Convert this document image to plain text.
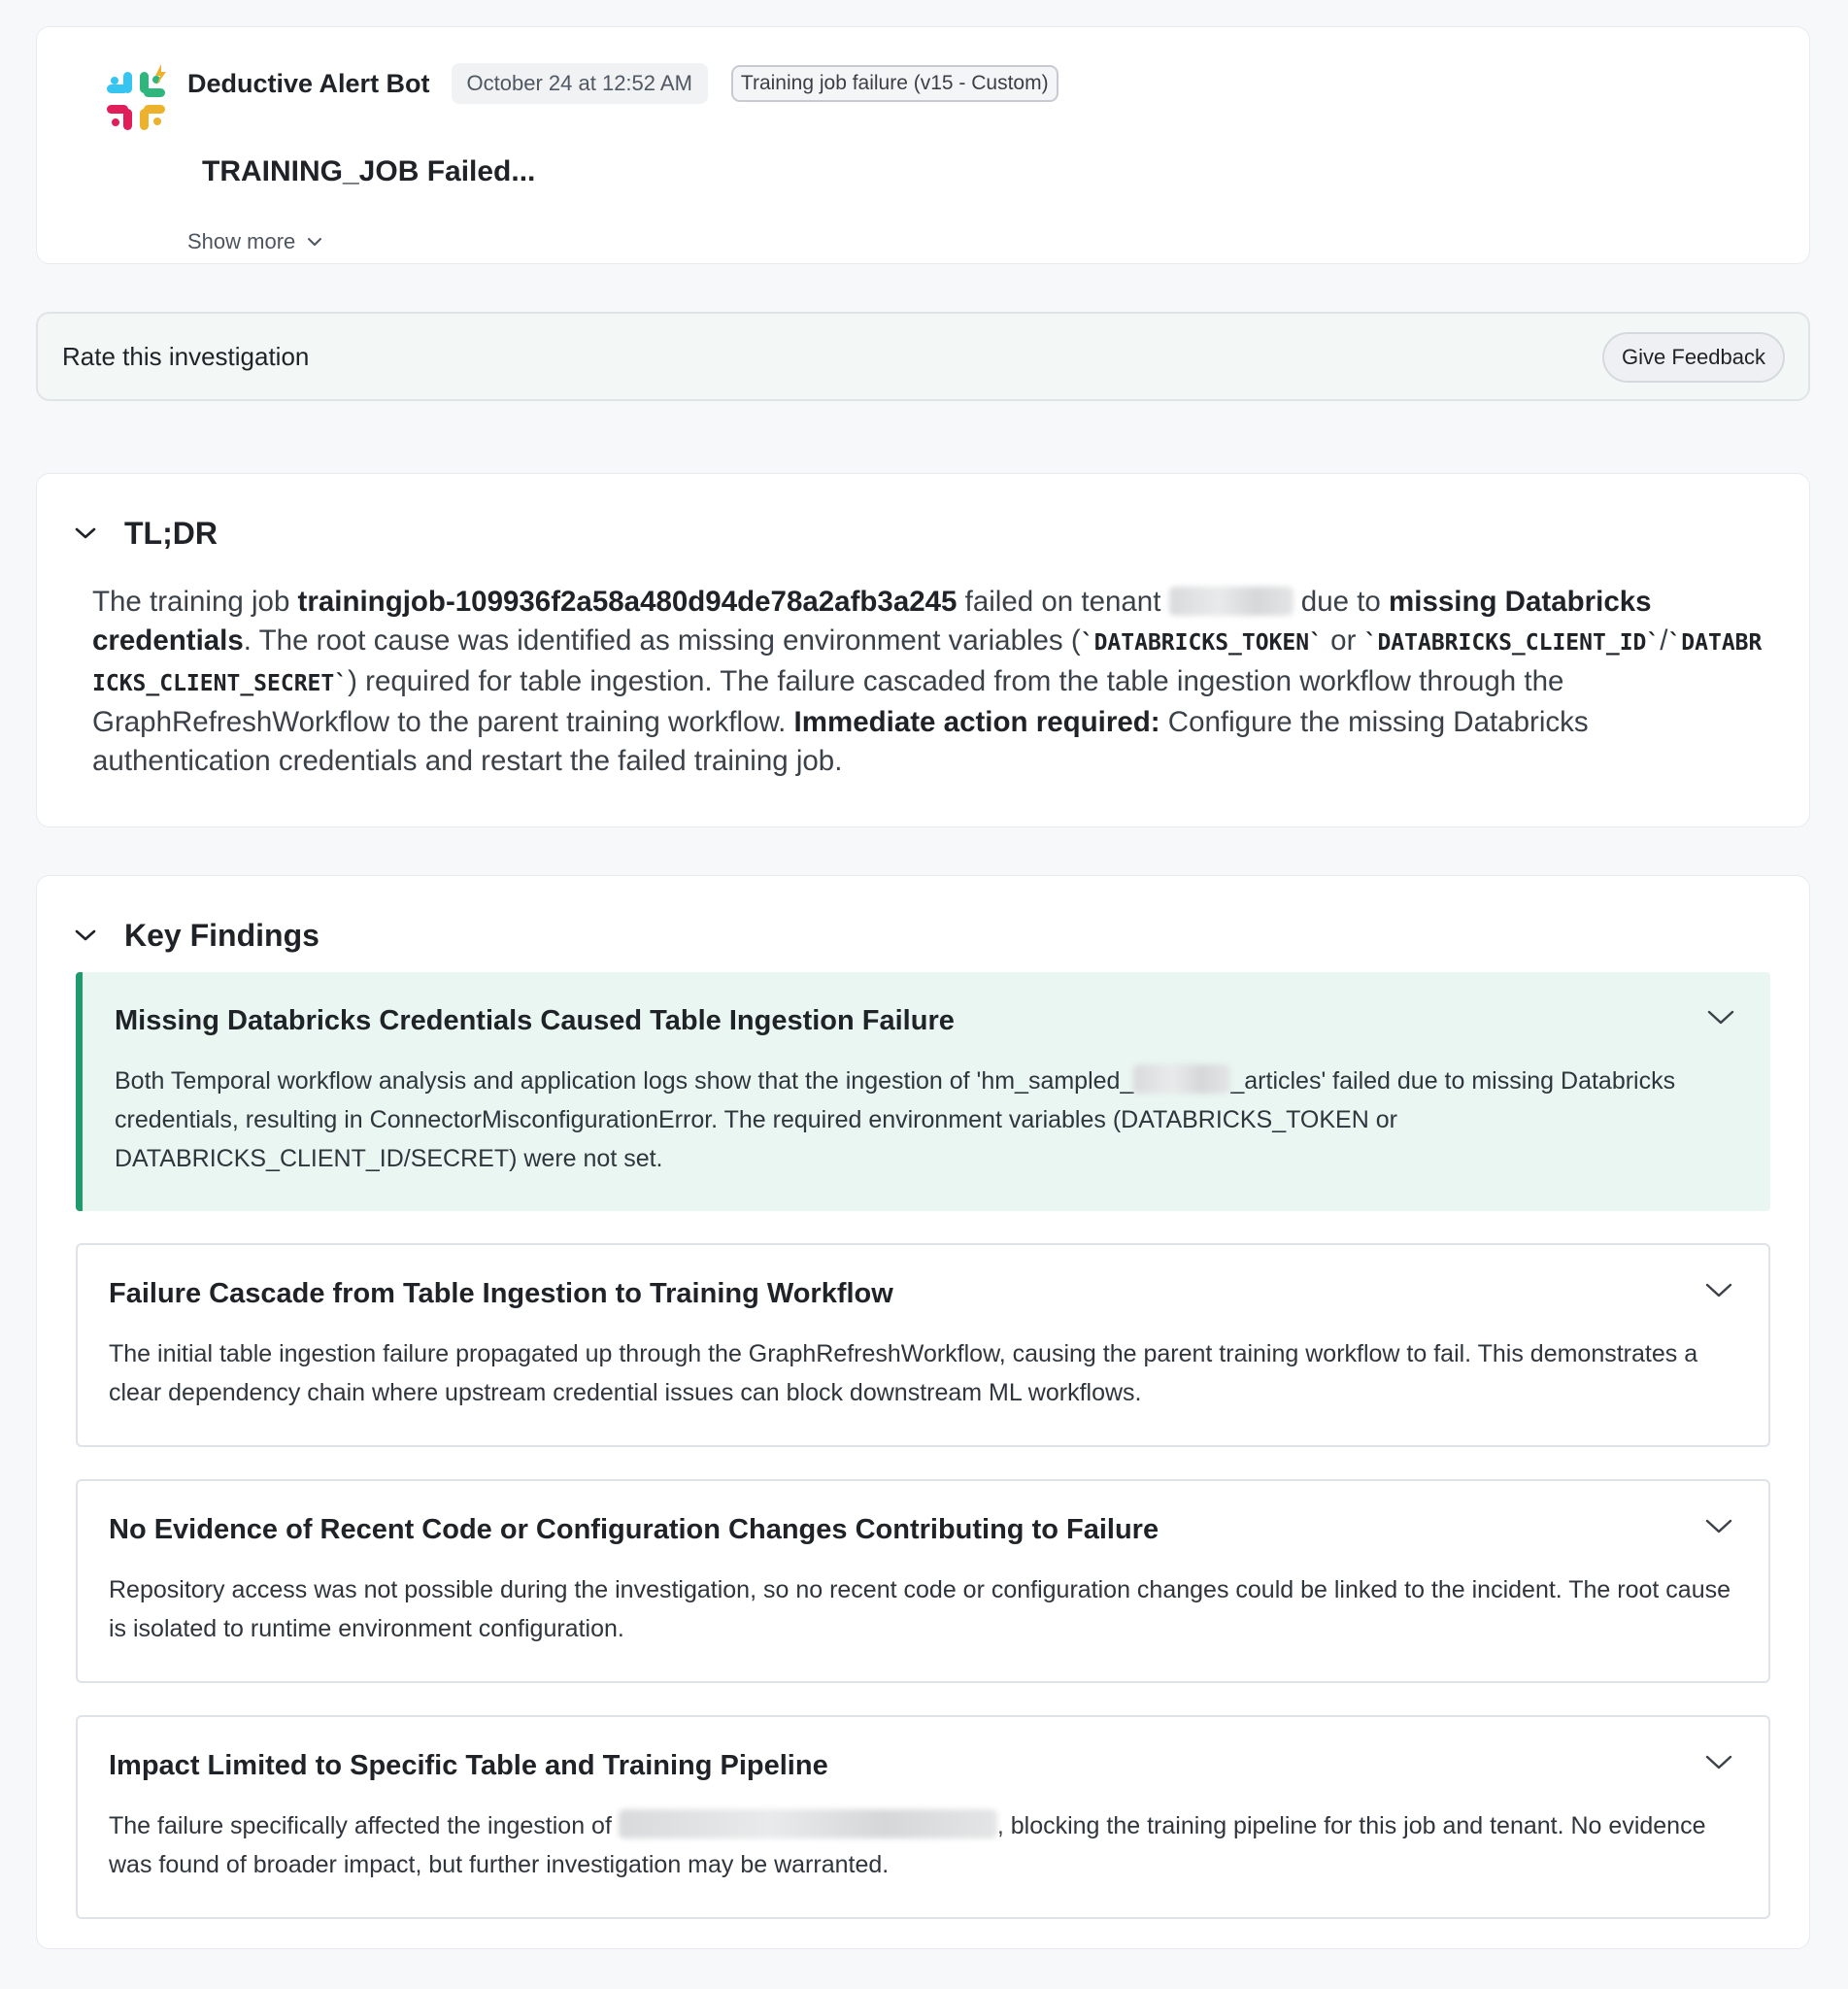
Deductive Alert Bot	October 24 at 12:52 AM	Training job failure (v15 - Custom)
TRAINING_JOB Failed...
Show more
Rate this investigation	Give Feedback
TL;DR
The training job trainingjob-109936f2a58a480d94de78a2afb3a245 failed on tenant	due to missing Databricks credentials. The root cause was identified as missing environment variables (`DATABRICKS_TOKEN` or `DATABRICKS_CLIENT_ID`/`DATABRICKS_CLIENT_SECRET`) required for table ingestion. The failure cascaded from the table ingestion workflow through the GraphRefreshWorkflow to the parent training workflow. Immediate action required: Configure the missing Databricks authentication credentials and restart the failed training job.
Key Findings
Missing Databricks Credentials Caused Table Ingestion Failure
Both Temporal workflow analysis and application logs show that the ingestion of 'hm_sampled_	_articles' failed due to missing Databricks credentials, resulting in ConnectorMisconfigurationError. The required environment variables (DATABRICKS_TOKEN or DATABRICKS_CLIENT_ID/SECRET) were not set.
Failure Cascade from Table Ingestion to Training Workflow
The initial table ingestion failure propagated up through the GraphRefreshWorkflow, causing the parent training workflow to fail. This demonstrates a clear dependency chain where upstream credential issues can block downstream ML workflows.
No Evidence of Recent Code or Configuration Changes Contributing to Failure
Repository access was not possible during the investigation, so no recent code or configuration changes could be linked to the incident. The root cause is isolated to runtime environment configuration.
Impact Limited to Specific Table and Training Pipeline
The failure specifically affected the ingestion of	, blocking the training pipeline for this job and tenant. No evidence was found of broader impact, but further investigation may be warranted.
